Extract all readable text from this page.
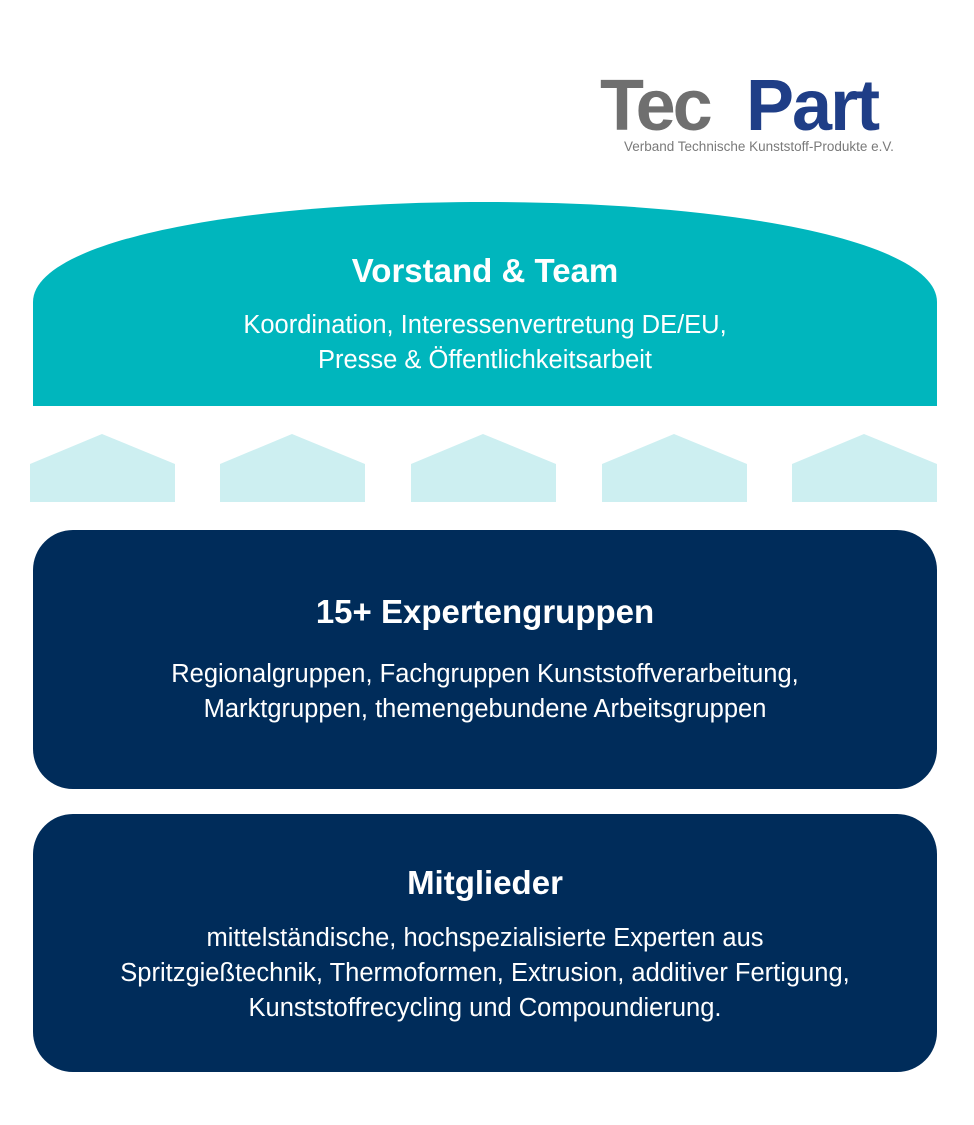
Tec Part
Verband Technische Kunststoff-Produkte e.V.
Vorstand & Team
Koordination, Interessenvertretung DE/EU,
Presse & Öffentlichkeitsarbeit
15+ Expertengruppen
Regionalgruppen, Fachgruppen Kunststoffverarbeitung,
Marktgruppen, themengebundene Arbeitsgruppen
Mitglieder
mittelständische, hochspezialisierte Experten aus
Spritzgießtechnik, Thermoformen, Extrusion, additiver Fertigung,
Kunststoffrecycling und Compoundierung.
